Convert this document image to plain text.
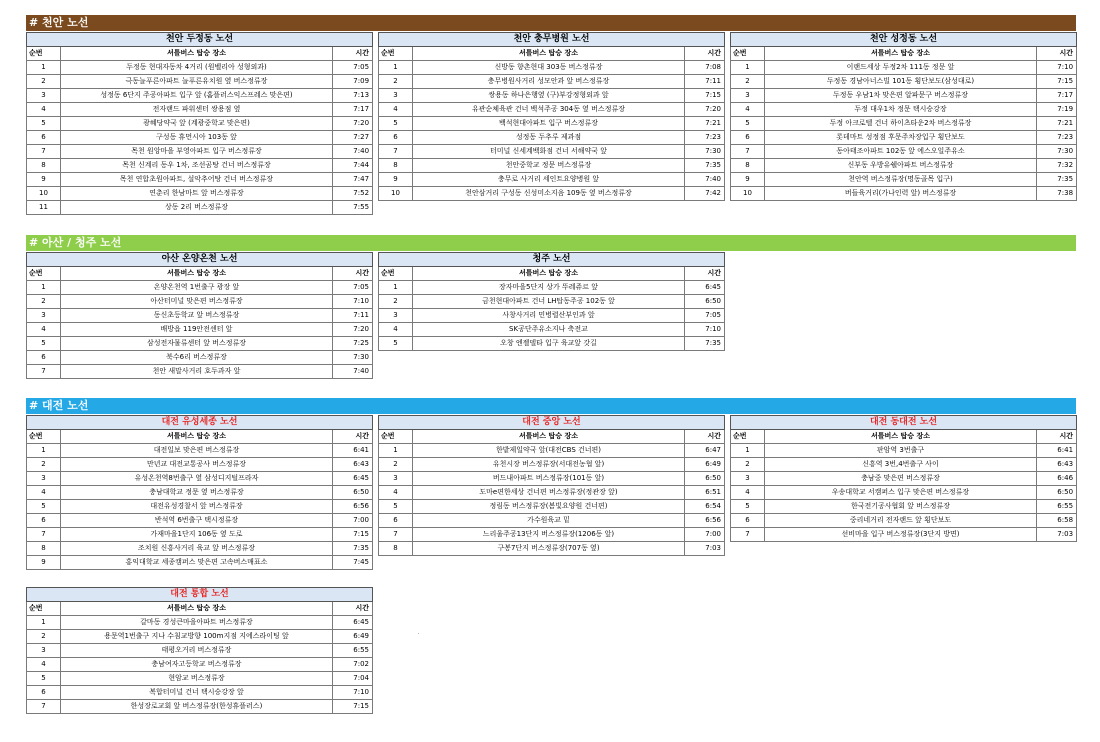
# 천안 노선
천안 두정동 노선		
순번	셔틀버스 탑승 장소	시간
1	두정동 현대자동차 4거리 (원벨리아 성형외과)	7:05
2	극동늘푸른아파트 늘푸른유치원 옆 버스정류장	7:09
3	성정동 6단지 주공아파트 입구 앞 (홈플러스익스프레스 맞은편)	7:13
4	전자랜드 파워센터 쌍용점 옆	7:17
5	광혜당약국 앞 (계광중학교 맞은편)	7:20
6	구성동 휴먼시아 103동 앞	7:27
7	목천 원앙마을 부영아파트 입구 버스정류장	7:40
8	목천 신계리 동우 1차, 조선곰탕 건너 버스정류장	7:44
9	목천 연합초원아파트, 설악추어탕 건너 버스정류장	7:47
10	연춘리 한남마트 앞 버스정류장	7:52
11	상동 2리 버스정류장	7:55
천안 충무병원 노선		
순번	셔틀버스 탑승 장소	시간
1	신방동 향촌현대 303동 버스정류장	7:08
2	충무병원사거리 성모안과 앞 버스정류장	7:11
3	쌍용동 하나은행옆 (구)부강정형외과 앞	7:15
4	유관순체육관 건너 백석주공 304동 옆 버스정류장	7:20
5	백석현대아파트 입구 버스정류장	7:21
6	성정동 두추루 제과점	7:23
7	터미널 신세계백화점 건너 서해약국 앞	7:30
8	천안중학교 정문 버스정류장	7:35
9	충무로 사거리 세인트요양병원 앞	7:40
10	천안삼거리 구성동 신성미소지음 109동 옆 버스정류장	7:42
천안 성정동 노선		
순번	셔틀버스 탑승 장소	시간
1	이랜드세상 두정2차 111동 정문 앞	7:10
2	두정동 경남아너스빌 101동 횡단보도(삼성대로)	7:15
3	두정동 우남1차 맞은편 알파문구 버스정류장	7:17
4	두정 대우1차 정문 택시승강장	7:19
5	두정 아크로텔 건너 하이츠타운2차 버스정류장	7:21
6	롯데마트 성정점 후문주차장입구 횡단보도	7:23
7	동아태조아파트 102동 앞 에스오일주유소	7:30
8	신부동 우방유쉘아파트 버스정류장	7:32
9	천안역 버스정류장(명동골목 입구)	7:35
10	버들육거리(가나인력 앞) 버스정류장	7:38
# 아산 / 청주 노선
아산 온양온천 노선		
순번	셔틀버스 탑승 장소	시간
1	온양온천역 1번출구 광장 앞	7:05
2	아산터미널 맞은편 버스정류장	7:10
3	동신초등학교 앞 버스정류장	7:11
4	배방읍 119안전센터 앞	7:20
5	삼성전자물류센터 앞 버스정류장	7:25
6	북수6리 버스정류장	7:30
7	천안 새말사거리 호두과자 앞	7:40
청주 노선		
순번	셔틀버스 탑승 장소	시간
1	장자마을5단지 상가 뚜레쥬르 앞	6:45
2	금천현대아파트 건너 LH탑동주공 102동 앞	6:50
3	사창사거리 민병렬산부인과 앞	7:05
4	SK공단주유소지나 축전교	7:10
5	오창 엔젤델타 입구 육교앞 갓길	7:35
# 대전 노선
대전 유성세종 노선		
순번	셔틀버스 탑승 장소	시간
1	대전일보 맞은편 버스정류장	6:41
2	만년교 대전교통공사 버스정류장	6:43
3	유성온천역8번출구 옆 삼성디지털프라자	6:45
4	충남대학교 정문 옆 버스정류장	6:50
5	대전유성경찰서 앞 버스정류장	6:56
6	반석역 6번출구 택시정류장	7:00
7	가재마을1단지 106동 옆 도로	7:15
8	조치원 신흥사거리 육교 앞 버스정류장	7:35
9	홍익대학교 세종캠퍼스 맞은편 고속버스매표소	7:45
대전 중앙 노선		
순번	셔틀버스 탑승 장소	시간
1	한밭제일약국 앞(대전CBS 건너편)	6:47
2	유천시장 버스정류장(서대전농협 앞)	6:49
3	버드내아파트 버스정류장(101동 앞)	6:50
4	도마e편한세상 건너편 버스정류장(정관장 앞)	6:51
5	정림동 버스정류장(봄빛요양원 건너편)	6:54
6	가수원육교 밑	6:56
7	느리울주공13단지 버스정류장(1206동 앞)	7:00
8	구봉7단지 버스정류장(707동 옆)	7:03
대전 동대전 노선		
순번	셔틀버스 탑승 장소	시간
1	판암역 3번출구	6:41
2	신흥역 3번,4번출구 사이	6:43
3	충남중 맞은편 버스정류장	6:46
4	우송대학교 서캠퍼스 입구 맞은편 버스정류장	6:50
5	한국전기공사협회 앞 버스정류장	6:55
6	중리네거리 전자랜드 앞 횡단보도	6:58
7	선비마을 입구 버스정류장(3단지 방면)	7:03
대전 통합 노선		
순번	셔틀버스 탑승 장소	시간
1	갈마동 경성큰마을아파트 버스정류장	6:45
2	용문역1번출구 지나 수침교방향 100m지점 지에스라이팅 앞	6:49
3	태평오거리 버스정류장	6:55
4	충남여자고등학교 버스정류장	7:02
5	현암교 버스정류장	7:04
6	복합터미널 건너 택시승강장 앞	7:10
7	한성장로교회 앞 버스정류장(한성휴플러스)	7:15
